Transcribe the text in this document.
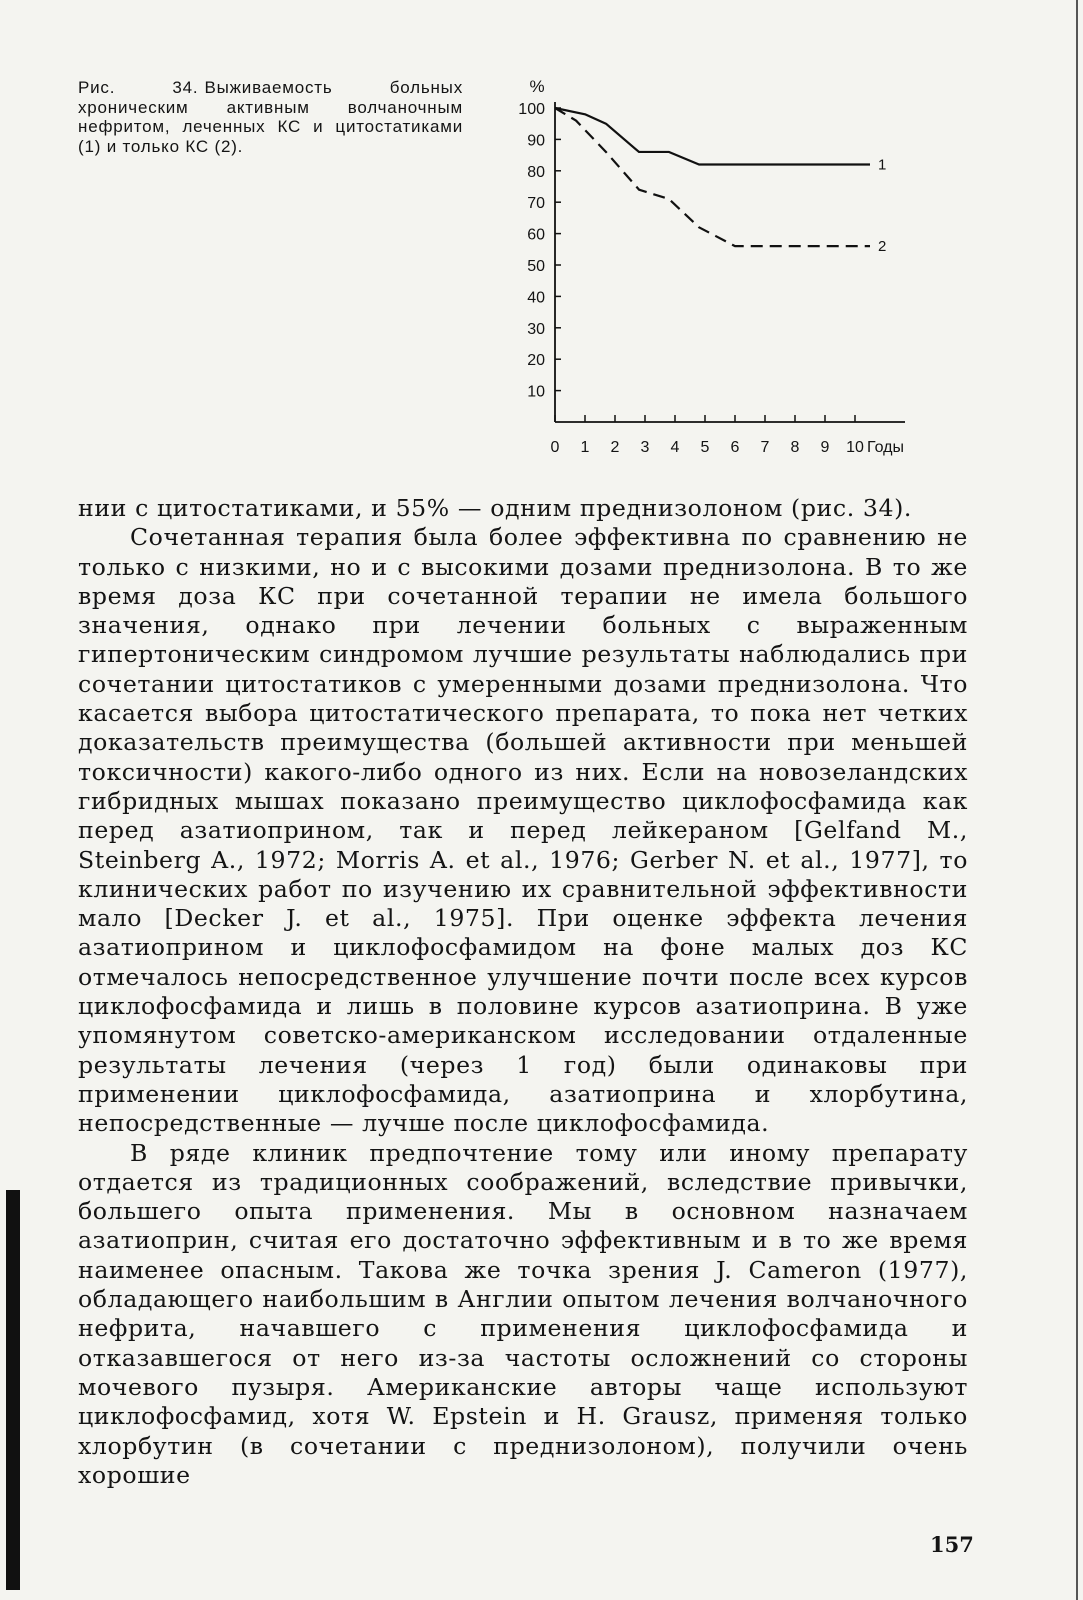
Рис. 34. Выживаемость больных хроническим активным волчаночным нефритом, леченных КС и цитостатиками (1) и только КС (2).
100
90
80
70
60
50
40
30
20
10
%
0 1 2 3 4 5 6 7 8 9 10 Годы
1
2

нии с цитостатиками, и 55% — одним преднизолоном (рис. 34).

Сочетанная терапия была более эффективна по сравнению не только с низкими, но и с высокими дозами преднизолона. В то же время доза КС при сочетанной терапии не имела большого значения, однако при лечении больных с выраженным гипертоническим синдромом лучшие результаты наблюдались при сочетании цитостатиков с умеренными дозами преднизолона. Что касается выбора цитостатического препарата, то пока нет четких доказательств преимущества (большей активности при меньшей токсичности) какого-либо одного из них. Если на новозеландских гибридных мышах показано преимущество циклофосфамида как перед азатиоприном, так и перед лейкераном [Gelfand M., Steinberg A., 1972; Morris A. et al., 1976; Gerber N. et al., 1977], то клинических работ по изучению их сравнительной эффективности мало [Decker J. et al., 1975]. При оценке эффекта лечения азатиоприном и циклофосфамидом на фоне малых доз КС отмечалось непосредственное улучшение почти после всех курсов циклофосфамида и лишь в половине курсов азатиоприна. В уже упомянутом советско-американском исследовании отдаленные результаты лечения (через 1 год) были одинаковы при применении циклофосфамида, азатиоприна и хлорбутина, непосредственные — лучше после циклофосфамида.

В ряде клиник предпочтение тому или иному препарату отдается из традиционных соображений, вследствие привычки, большего опыта применения. Мы в основном назначаем азатиоприн, считая его достаточно эффективным и в то же время наименее опасным. Такова же точка зрения J. Cameron (1977), обладающего наибольшим в Англии опытом лечения волчаночного нефрита, начавшего с применения циклофосфамида и отказавшегося от него из-за частоты осложнений со стороны мочевого пузыря. Американские авторы чаще используют циклофосфамид, хотя W. Epstein и H. Grausz, применяя только хлорбутин (в сочетании с преднизолоном), получили очень хорошие

157
